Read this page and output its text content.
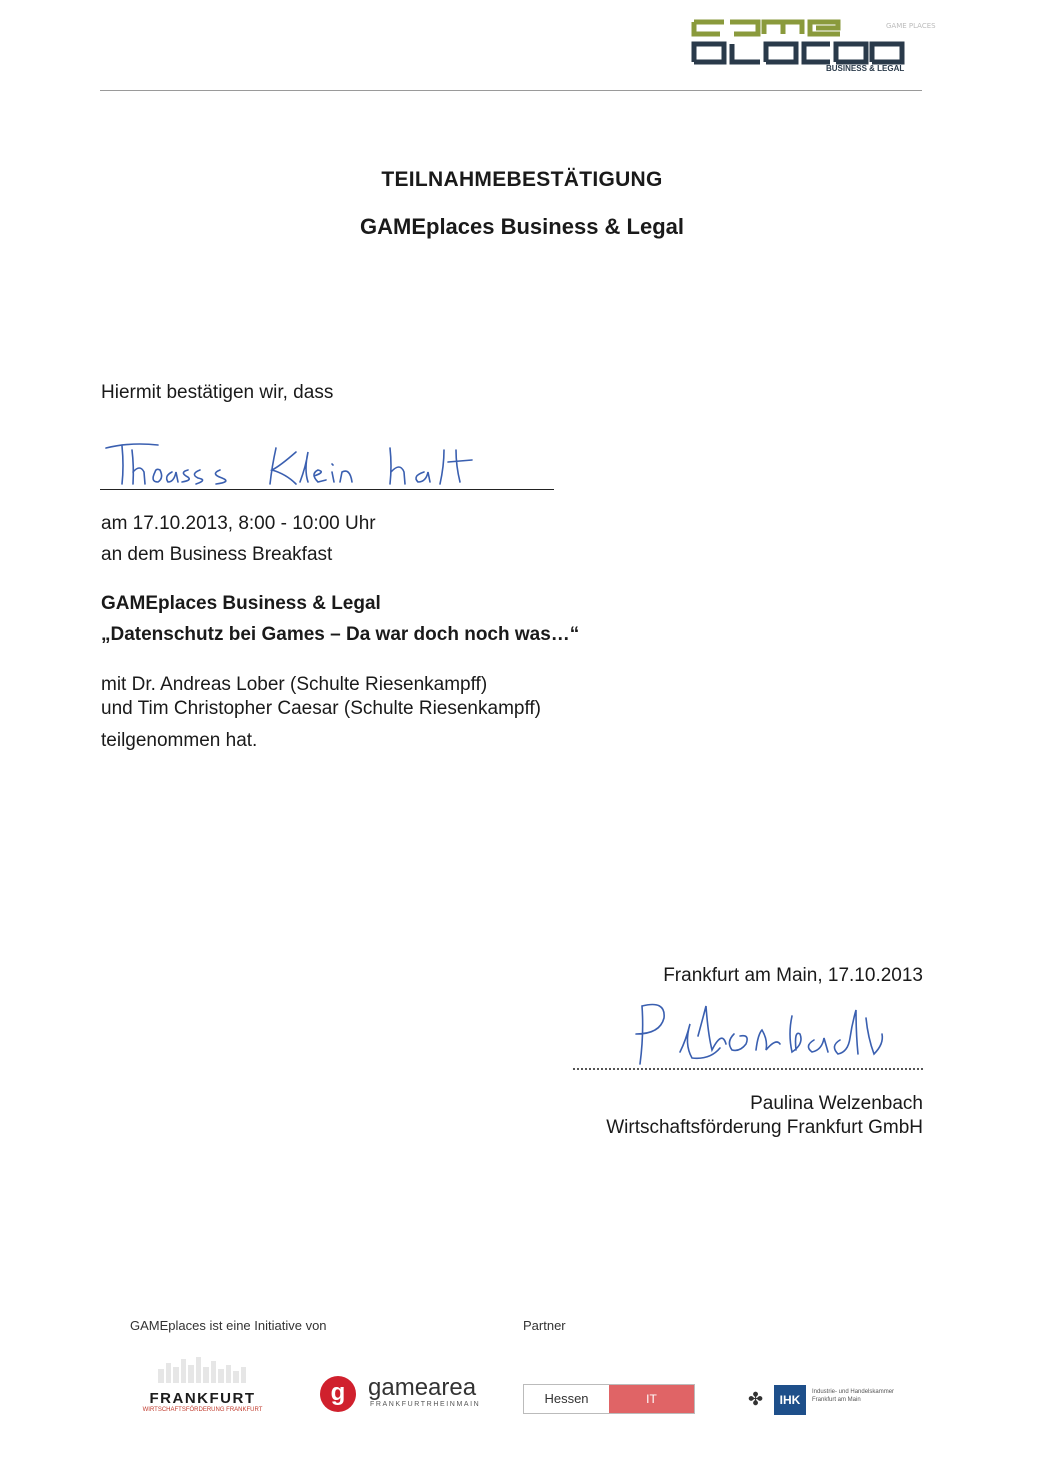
GAME PLACES
BUSINESS & LEGAL
TEILNAHMEBESTÄTIGUNG
GAMEplaces Business & Legal
Hiermit bestätigen wir, dass
am 17.10.2013, 8:00 - 10:00 Uhr
an dem Business Breakfast
GAMEplaces Business & Legal
„Datenschutz bei Games – Da war doch noch was…“
mit Dr. Andreas Lober (Schulte Riesenkampff)
und Tim Christopher Caesar (Schulte Riesenkampff)
teilgenommen hat.
Frankfurt am Main, 17.10.2013
Paulina Welzenbach
Wirtschaftsförderung Frankfurt GmbH
GAMEplaces ist eine Initiative von	Partner
FRANKFURT
WIRTSCHAFTSFÖRDERUNG FRANKFURT
g gamearea
FRANKFURTRHEINMAIN	Hessen	IT	✤	IHK
Industrie- und Handelskammer Frankfurt am Main
